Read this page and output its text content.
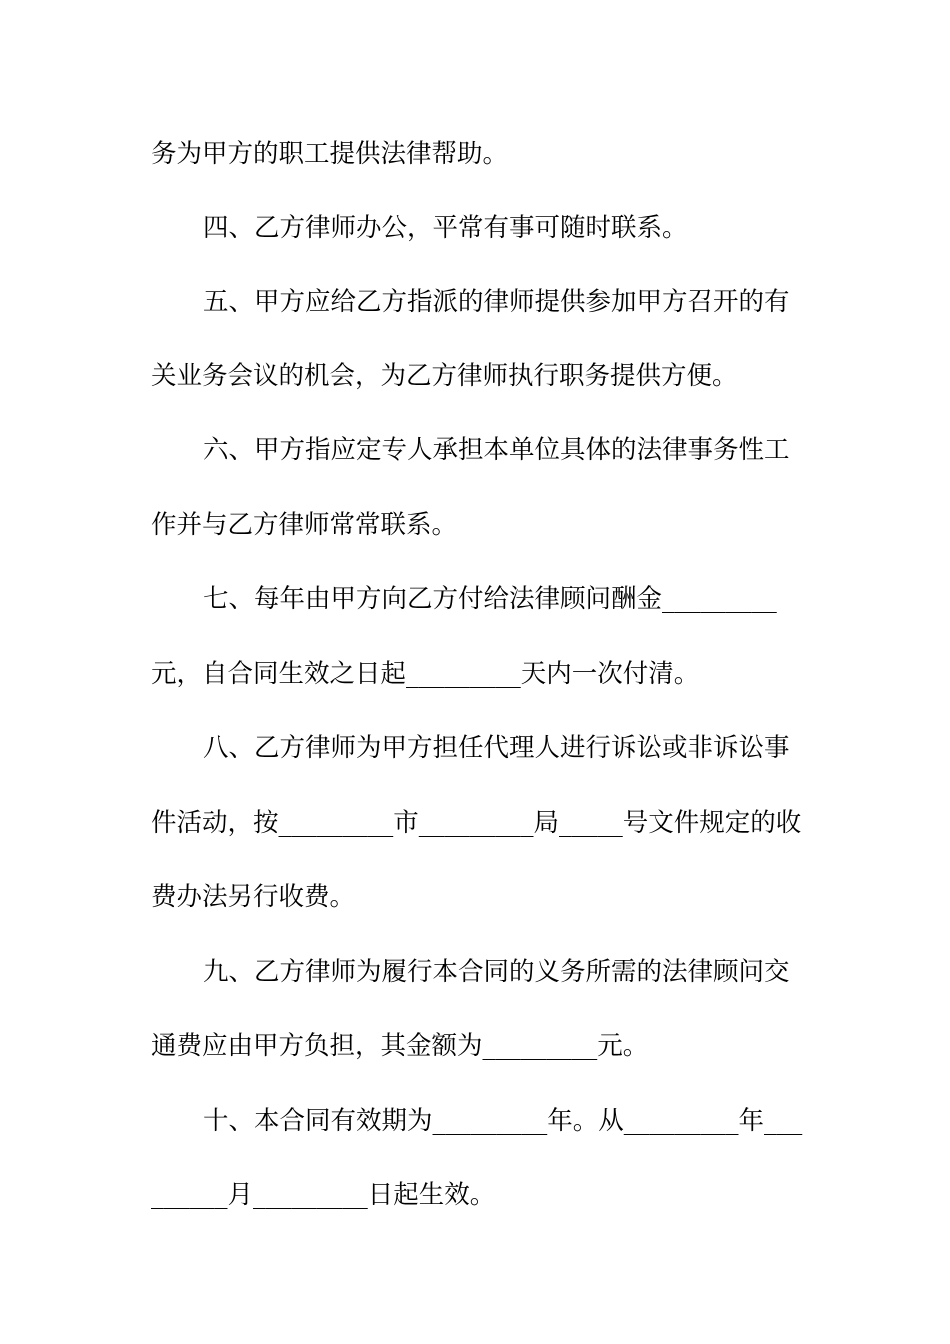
务为甲方的职工提供法律帮助。
四、乙方律师办公，平常有事可随时联系。
五、甲方应给乙方指派的律师提供参加甲方召开的有
关业务会议的机会，为乙方律师执行职务提供方便。
六、甲方指应定专人承担本单位具体的法律事务性工
作并与乙方律师常常联系。
七、每年由甲方向乙方付给法律顾问酬金_________
元，自合同生效之日起_________天内一次付清。
八、乙方律师为甲方担任代理人进行诉讼或非诉讼事
件活动，按_________市_________局_____号文件规定的收
费办法另行收费。
九、乙方律师为履行本合同的义务所需的法律顾问交
通费应由甲方负担，其金额为_________元。
十、本合同有效期为_________年。从_________年___
______月_________日起生效。
